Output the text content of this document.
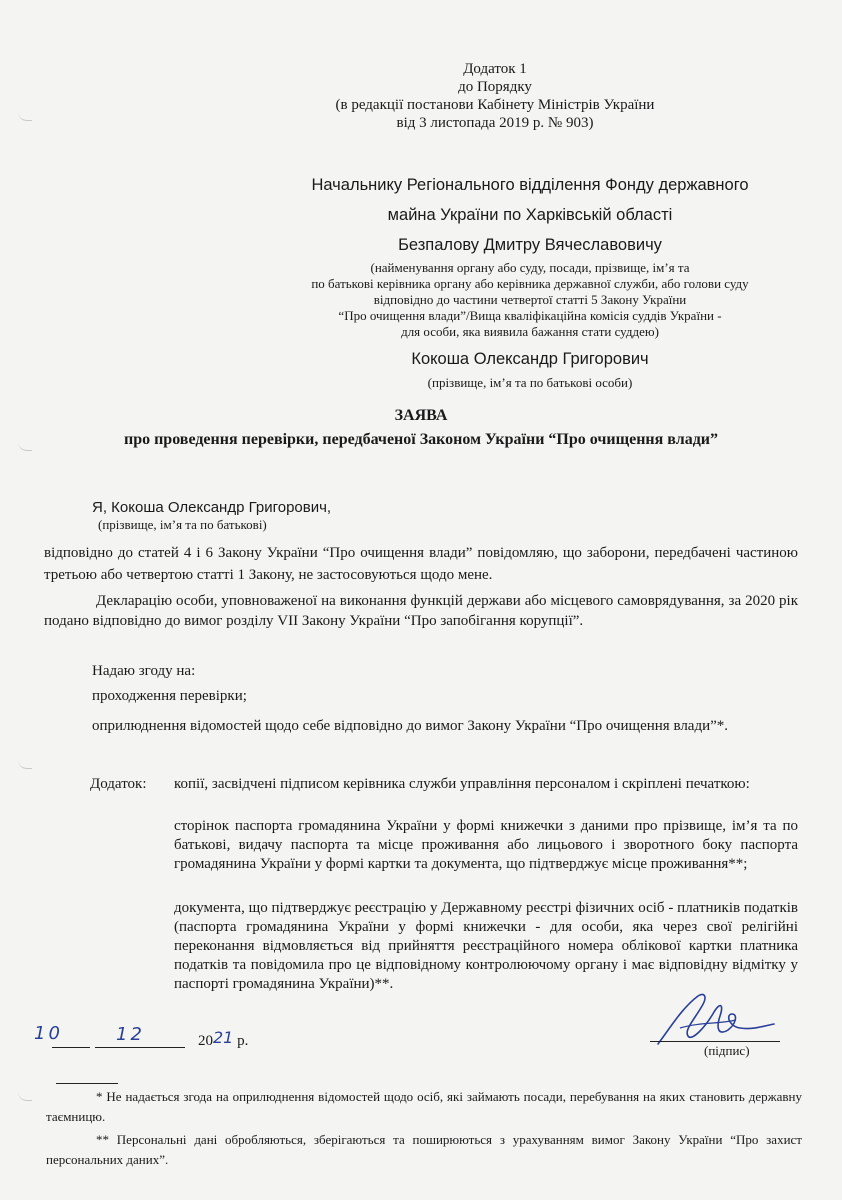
Додаток 1
до Порядку
(в редакції постанови Кабінету Міністрів України
від 3 листопада 2019 р. № 903)
Начальнику Регіонального відділення Фонду державного
майна України по Харківській області
Безпалову Дмитру Вячеславовичу
(найменування органу або суду, посади, прізвище, ім’я та
по батькові керівника органу або керівника державної служби, або голови суду
відповідно до частини четвертої статті 5 Закону України
“Про очищення влади”/Вища кваліфікаційна комісія суддів України -
для особи, яка виявила бажання стати суддею)
Кокоша Олександр Григорович
(прізвище, ім’я та по батькові особи)
ЗАЯВА
про проведення перевірки, передбаченої Законом України “Про очищення влади”
Я, Кокоша Олександр Григорович,
(прізвище, ім’я та по батькові)
відповідно до статей 4 і 6 Закону України “Про очищення влади” повідомляю, що заборони, передбачені частиною третьою або четвертою статті 1 Закону, не застосовуються щодо мене.
Декларацію особи, уповноваженої на виконання функцій держави або місцевого самоврядування, за 2020 рік подано відповідно до вимог розділу VII Закону України “Про запобігання корупції”.
Надаю згоду на:
проходження перевірки;
оприлюднення відомостей щодо себе відповідно до вимог Закону України “Про очищення влади”*.
Додаток: копії, засвідчені підписом керівника служби управління персоналом і скріплені печаткою:
сторінок паспорта громадянина України у формі книжечки з даними про прізвище, ім’я та по батькові, видачу паспорта та місце проживання або лицьового і зворотного боку паспорта громадянина України у формі картки та документа, що підтверджує місце проживання**;
документа, що підтверджує реєстрацію у Державному реєстрі фізичних осіб - платників податків (паспорта громадянина України у формі книжечки - для особи, яка через свої релігійні переконання відмовляється від прийняття реєстраційного номера облікової картки платника податків та повідомила про це відповідному контролюючому органу і має відповідну відмітку у паспорті громадянина України)**.
10	12	2021 р.
(підпис)
* Не надається згода на оприлюднення відомостей щодо осіб, які займають посади, перебування на яких становить державну таємницю.
** Персональні дані обробляються, зберігаються та поширюються з урахуванням вимог Закону України “Про захист персональних даних”.
